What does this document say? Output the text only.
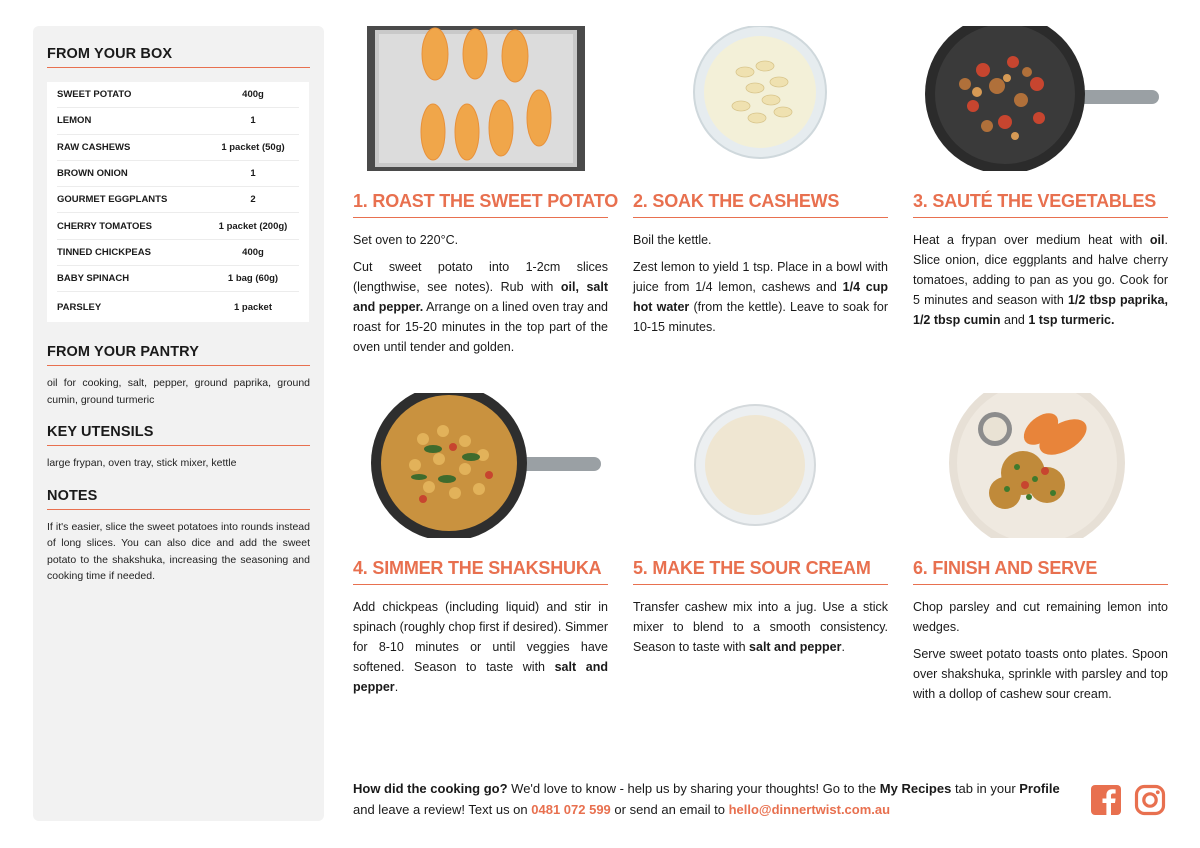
FROM YOUR BOX
SWEET POTATO	400g
LEMON	1
RAW CASHEWS	1 packet (50g)
BROWN ONION	1
GOURMET EGGPLANTS	2
CHERRY TOMATOES	1 packet (200g)
TINNED CHICKPEAS	400g
BABY SPINACH	1 bag (60g)
PARSLEY	1 packet
FROM YOUR PANTRY
oil for cooking, salt, pepper, ground paprika, ground cumin, ground turmeric
KEY UTENSILS
large frypan, oven tray, stick mixer, kettle
NOTES
If it's easier, slice the sweet potatoes into rounds instead of long slices. You can also dice and add the sweet potato to the shakshuka, increasing the seasoning and cooking time if needed.
1. ROAST THE SWEET POTATO

Set oven to 220°C.

Cut sweet potato into 1-2cm slices (lengthwise, see notes). Rub with oil, salt and pepper. Arrange on a lined oven tray and roast for 15-20 minutes in the top part of the oven until tender and golden.

2. SOAK THE CASHEWS

Boil the kettle.

Zest lemon to yield 1 tsp. Place in a bowl with juice from 1/4 lemon, cashews and 1/4 cup hot water (from the kettle). Leave to soak for 10-15 minutes.

3. SAUTÉ THE VEGETABLES

Heat a frypan over medium heat with oil. Slice onion, dice eggplants and halve cherry tomatoes, adding to pan as you go. Cook for 5 minutes and season with 1/2 tbsp paprika, 1/2 tbsp cumin and 1 tsp turmeric.

4. SIMMER THE SHAKSHUKA

Add chickpeas (including liquid) and stir in spinach (roughly chop first if desired). Simmer for 8-10 minutes or until veggies have softened. Season to taste with salt and pepper.

5. MAKE THE SOUR CREAM

Transfer cashew mix into a jug. Use a stick mixer to blend to a smooth consistency. Season to taste with salt and pepper.

6. FINISH AND SERVE

Chop parsley and cut remaining lemon into wedges.

Serve sweet potato toasts onto plates. Spoon over shakshuka, sprinkle with parsley and top with a dollop of cashew sour cream.

How did the cooking go? We'd love to know - help us by sharing your thoughts! Go to the My Recipes tab in your Profile and leave a review! Text us on 0481 072 599 or send an email to hello@dinnertwist.com.au
